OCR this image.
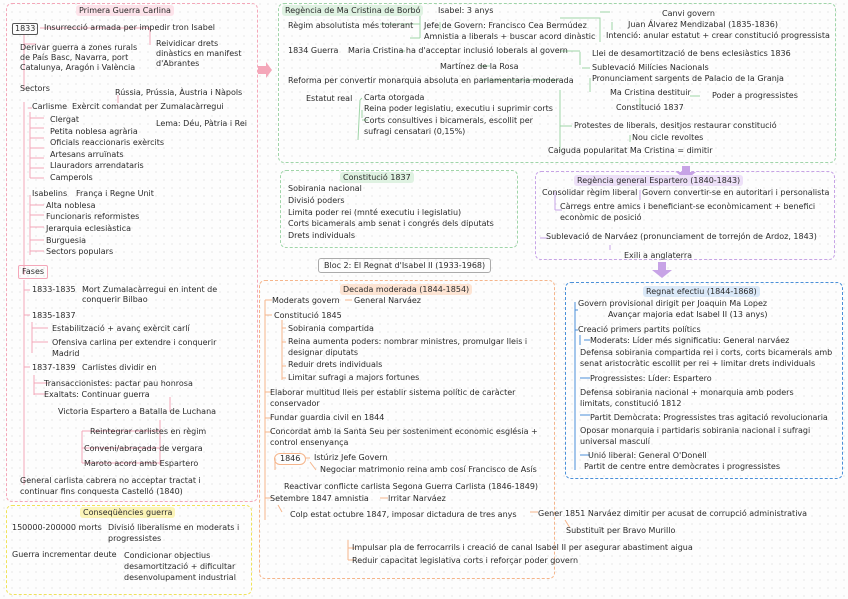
Primera Guerra Carlina
Conseqüències guerra
Regència de Ma Cristina de Borbó
Constitució 1837	Regència general Espartero (1840-1843)
Decada moderada (1844-1854)	Regnat efectiu (1844-1868)
Bloc 2: El Regnat d'Isabel II (1933-1968)
1833	Insurrecció armada per impedir tron Isabel
Derivar guerra a zones rurals
de País Basc, Navarra, port
Catalunya, Aragón i València
Reividicar drets
dinàstics en manifest
d'Abrantes
Sectors	Rússia, Prússia, Àustria i Nàpols
Carlisme Exèrcit comandat per Zumalacàrregui
Clergat
Petita noblesa agrària
Oficials reaccionaris exèrcits
Artesans arruïnats
Llauradors arrendataris
Camperols
Lema: Déu, Pàtria i Rei
Isabelins França i Regne Unit
Alta noblesa
Funcionaris reformistes
Jerarquia eclesiàstica
Burguesia
Sectors populars
Fases
1833-1835 Mort Zumalacàrregui en intent de
conquerir Bilbao
1835-1837
Estabilització + avanç exèrcit carlí
Ofensiva carlina per extendre i conquerir
Madrid
1837-1839 Carlistes dividir en
Transaccionistes: pactar pau honrosa
Exaltats: Continuar guerra
Victoria Espartero a Batalla de Luchana
Reintegrar carlistes en règim
Conveni/abraçada de vergara
Maroto acord amb Espartero
General carlista cabrera no acceptar tractat i
continuar fins conquesta Castelló (1840)
150000-200000 morts Divisió liberalisme en moderats i
progressistes
Guerra incrementar deute Condicionar objectius
desamortització + dificultar
desenvolupament industrial
Isabel: 3 anys
Règim absolutista més tolerant Jefe de Govern: Francisco Cea Bermúdez
Amnistia a liberals + buscar acord dinàstic
Canvi govern
Juan Álvarez Mendizabal (1835-1836)
Intenció: anular estatut + crear constitució progressista
1834 Guerra Maria Cristina ha d'acceptar inclusió loberals al govern	Llei de desamortització de bens eclesiàstics 1836
Martínez de la Rosa	Sublevació Milícies Nacionals
Reforma per convertir monarquia absoluta en parlamentaria moderada Pronunciament sargents de Palacio de la Granja
Ma Cristina destituir	Poder a progressistes
Estatut real Carta otorgada
Reina poder legislatiu, executiu i suprimir corts
Corts consultives i bicamerals, escollit per
sufragi censatari (0,15%)
Constitució 1837
Protestes de liberals, desitjos restaurar constitució
Nou cicle revoltes
Caiguda popularitat Ma Cristina = dimitir
Sobirania nacional
Divisió poders
Limita poder rei (mnté executiu i legislatiu)
Corts bicamerals amb senat i congrés dels diputats
Drets individuals
Consolidar règim liberal Govern convertir-se en autoritari i personalista
Càrregs entre amics i beneficiant-se econòmicament + benefici
econòmic de posició
Sublevació de Narváez (pronunciament de torrejón de Ardoz, 1843)
Exili a anglaterra
Moderats govern General Narváez
Constitució 1845
Sobirania compartida
Reina aumenta poders: nombrar ministres, promulgar lleis i
designar diputats
Reduir drets individuals
Limitar sufragi a majors fortunes
Elaborar multitud lleis per establir sistema polític de caràcter
conservador
Fundar guardia civil en 1844
Concordat amb la Santa Seu per sosteniment economic església +
control ensenyança
1846	Istúriz Jefe Govern
Negociar matrimonio reina amb cosí Francisco de Asís
Reactivar conflicte carlista Segona Guerra Carlista (1846-1849)
Setembre 1847 amnistia Irritar Narváez
Colp estat octubre 1847, imposar dictadura de tres anys	Gener 1851 Narváez dimitir per acusat de corrupció administrativa
Substituït per Bravo Murillo
Impulsar pla de ferrocarrils i creació de canal Isabel II per asegurar abastiment aigua
Reduir capacitat legislativa corts i reforçar poder govern
Govern provisional dirigit per Joaquin Ma Lopez
Avançar majoria edat Isabel II (13 anys)
Creació primers partits polítics
Moderats: Líder més significatiu: General narváez
Defensa sobirania compartida rei i corts, corts bicamerals amb
senat aristocràtic escollit per rei + limitar drets individuals
Progressistes: Líder: Espartero
Defensa sobirania nacional + monarquia amb poders
limitats, constitució 1812
Partit Demòcrata: Progressistes tras agitació revolucionaria
Oposar monarquia i partidaris sobirania nacional i sufragi
universal masculí
Unió liberal: General O'Donell
Partit de centre entre demòcrates i progressistes
